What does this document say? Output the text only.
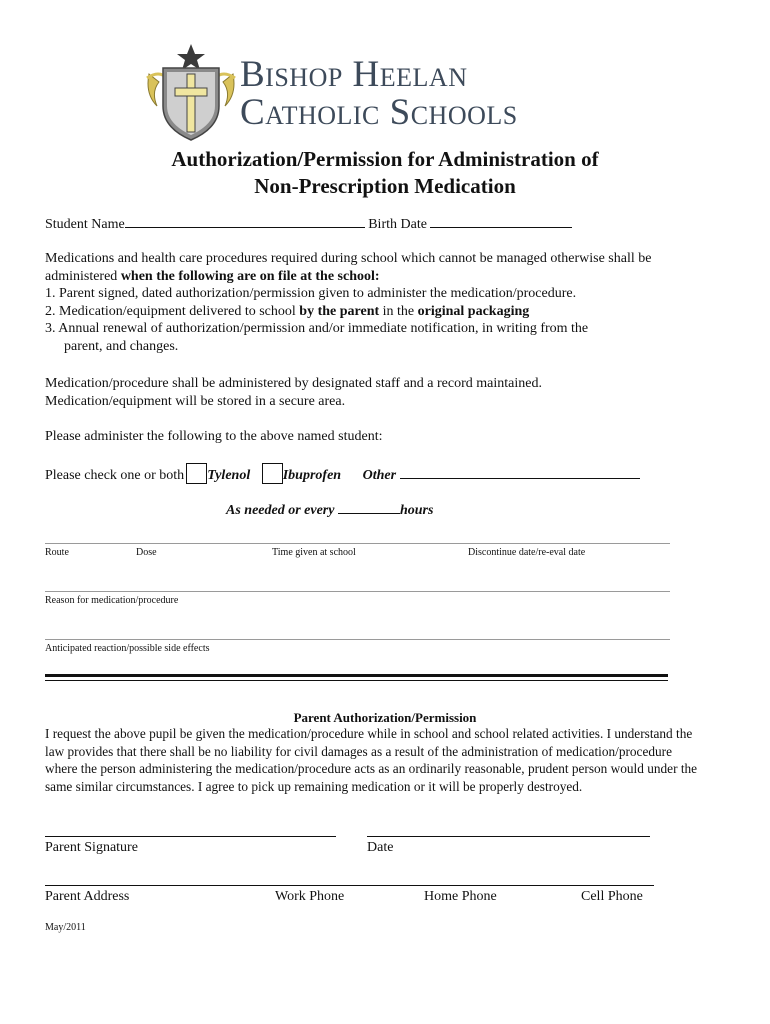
Bishop Heelan
Catholic Schools
Authorization/Permission for Administration of
Non-Prescription Medication
Student Name	Birth Date
Medications and health care procedures required during school which cannot be managed otherwise shall be
administered when the following are on file at the school:
1. Parent signed, dated authorization/permission given to administer the medication/procedure.
2. Medication/equipment delivered to school by the parent in the original packaging
3. Annual renewal of authorization/permission and/or immediate notification, in writing from the
parent, and changes.
Medication/procedure shall be administered by designated staff and a record maintained.
Medication/equipment will be stored in a secure area.
Please administer the following to the above named student:
Please check one or both Tylenol Ibuprofen Other
As needed or every	hours
Route	Dose	Time given at school	Discontinue date/re-eval date
Reason for medication/procedure
Anticipated reaction/possible side effects
Parent Authorization/Permission
I request the above pupil be given the medication/procedure while in school and school related activities. I understand the
law provides that there shall be no liability for civil damages as a result of the administration of medication/procedure
where the person administering the medication/procedure acts as an ordinarily reasonable, prudent person would under the
same similar circumstances. I agree to pick up remaining medication or it will be properly destroyed.
Parent Signature	Date
Parent Address	Work Phone	Home Phone	Cell Phone
May/2011
